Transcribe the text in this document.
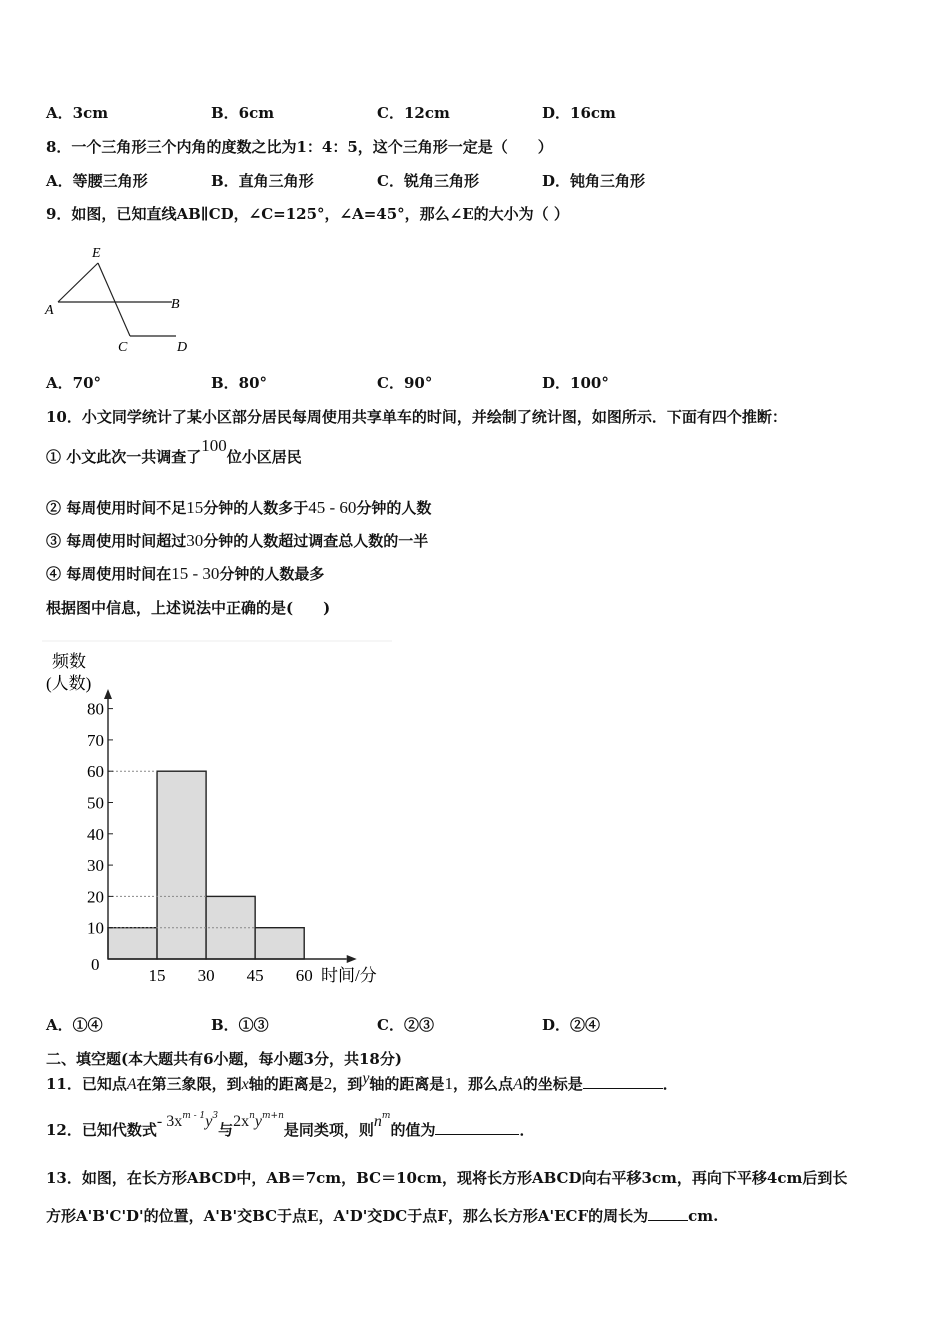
A．3cm	B．6cm	C．12cm	D．16cm
8．一个三角形三个内角的度数之比为1：4：5，这个三角形一定是（　　）
A．等腰三角形	B．直角三角形	C．锐角三角形	D．钝角三角形
9．如图，已知直线AB∥CD，∠C=125°，∠A=45°，那么∠E的大小为（ ）
E
A	B
C	D
A．70°	B．80°	C．90°	D．100°
10．小文同学统计了某小区部分居民每周使用共享单车的时间，并绘制了统计图，如图所示．下面有四个推断：
① 小文此次一共调查了100位小区居民
② 每周使用时间不足15分钟的人数多于45 - 60分钟的人数
③ 每周使用时间超过30分钟的人数超过调查总人数的一半
④ 每周使用时间在15 - 30分钟的人数最多
根据图中信息，上述说法中正确的是(　　)
10
20
30
40
50
60
70
80
15 30 45 60
频数
(人数)
时间/分
0
A．①④	B．①③	C．②③	D．②④
二、填空题(本大题共有6小题，每小题3分，共18分)
11．已知点A在第三象限，到x轴的距离是2，到y轴的距离是1，那么点A的坐标是	．
12．已知代数式- $3x^{m - 1}y^3$与$2x^ny^{m+n}$是同类项，则$n^m$的值为	．
13．如图，在长方形ABCD中，AB＝7cm，BC＝10cm，现将长方形ABCD向右平移3cm，再向下平移4cm后到长
方形A'B'C'D'的位置，A'B'交BC于点E，A'D'交DC于点F，那么长方形A'ECF的周长为	cm.
